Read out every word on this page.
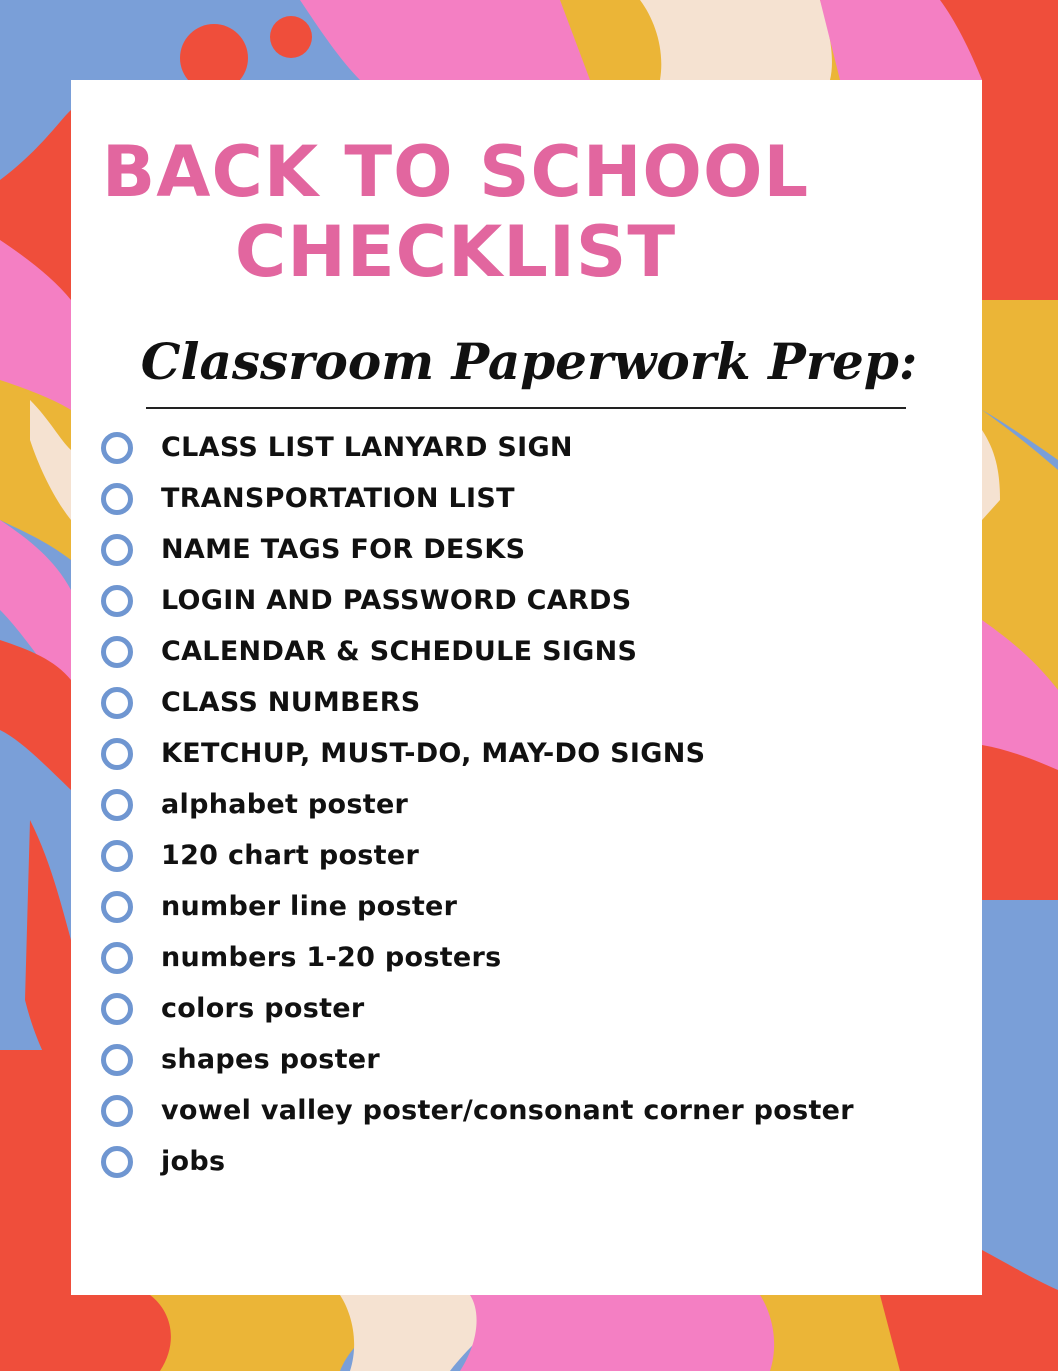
BACK TO SCHOOL
CHECKLIST
Classroom Paperwork Prep:
CLASS LIST LANYARD SIGN
TRANSPORTATION LIST
NAME TAGS FOR DESKS
LOGIN AND PASSWORD CARDS
CALENDAR & SCHEDULE SIGNS
CLASS NUMBERS
KETCHUP, MUST-DO, MAY-DO SIGNS
alphabet poster
120 chart poster
number line poster
numbers 1-20 posters
colors poster
shapes poster
vowel valley poster/consonant corner poster
jobs
